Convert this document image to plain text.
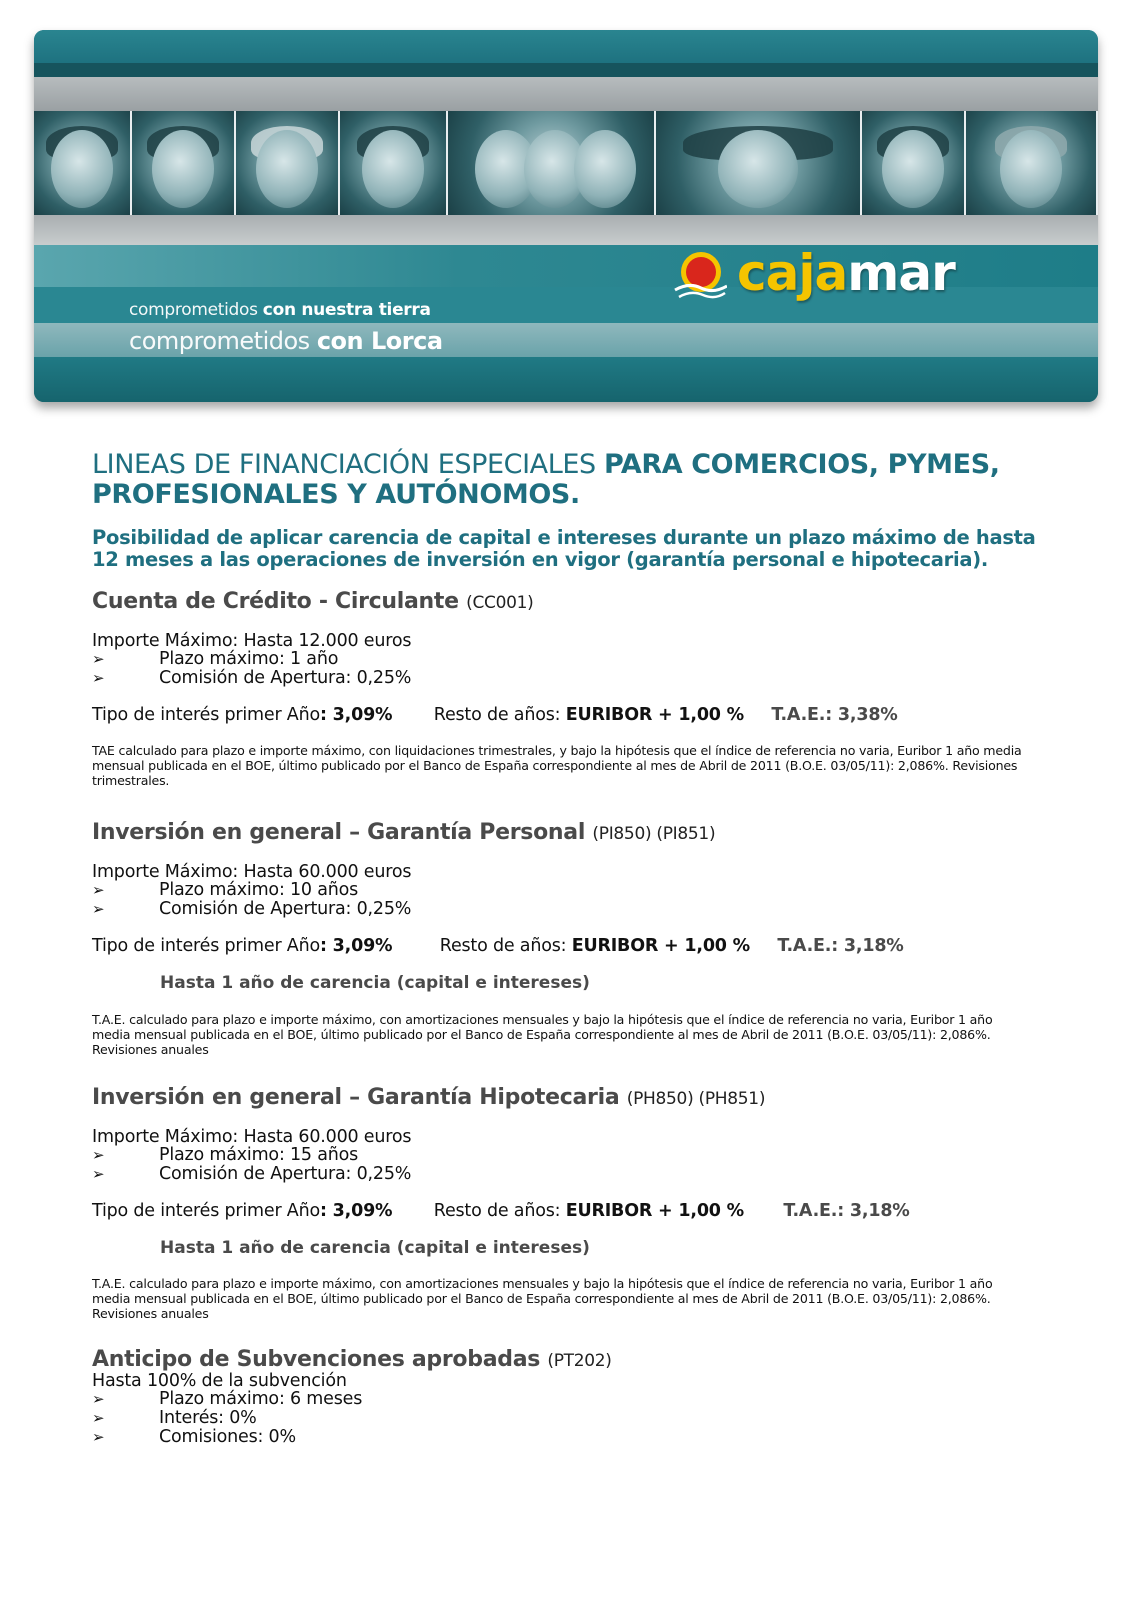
comprometidos con nuestra tierra
comprometidos con Lorca
cajamar
LINEAS DE FINANCIACIÓN ESPECIALES PARA COMERCIOS, PYMES, PROFESIONALES Y AUTÓNOMOS.
Posibilidad de aplicar carencia de capital e intereses durante un plazo máximo de hasta 12 meses a las operaciones de inversión en vigor (garantía personal e hipotecaria).
Cuenta de Crédito - Circulante (CC001)
Importe Máximo: Hasta 12.000 euros
➢	Plazo máximo: 1 año
➢	Comisión de Apertura: 0,25%
Tipo de interés primer Año: 3,09% Resto de años: EURIBOR + 1,00 % T.A.E.: 3,38%
TAE calculado para plazo e importe máximo, con liquidaciones trimestrales, y bajo la hipótesis que el índice de referencia no varia, Euribor 1 año media mensual publicada en el BOE, último publicado por el Banco de España correspondiente al mes de Abril de 2011 (B.O.E. 03/05/11): 2,086%. Revisiones trimestrales.
Inversión en general – Garantía Personal (PI850) (PI851)
Importe Máximo: Hasta 60.000 euros
➢	Plazo máximo: 10 años
➢	Comisión de Apertura: 0,25%
Tipo de interés primer Año: 3,09%	Resto de años: EURIBOR + 1,00 % T.A.E.: 3,18%
Hasta 1 año de carencia (capital e intereses)
T.A.E. calculado para plazo e importe máximo, con amortizaciones mensuales y bajo la hipótesis que el índice de referencia no varia, Euribor 1 año media mensual publicada en el BOE, último publicado por el Banco de España correspondiente al mes de Abril de 2011 (B.O.E. 03/05/11): 2,086%. Revisiones anuales
Inversión en general – Garantía Hipotecaria (PH850) (PH851)
Importe Máximo: Hasta 60.000 euros
➢	Plazo máximo: 15 años
➢	Comisión de Apertura: 0,25%
Tipo de interés primer Año: 3,09% Resto de años: EURIBOR + 1,00 % T.A.E.: 3,18%
Hasta 1 año de carencia (capital e intereses)
T.A.E. calculado para plazo e importe máximo, con amortizaciones mensuales y bajo la hipótesis que el índice de referencia no varia, Euribor 1 año media mensual publicada en el BOE, último publicado por el Banco de España correspondiente al mes de Abril de 2011 (B.O.E. 03/05/11): 2,086%. Revisiones anuales
Anticipo de Subvenciones aprobadas (PT202)
Hasta 100% de la subvención
➢	Plazo máximo: 6 meses
➢	Interés: 0%
➢	Comisiones: 0%
